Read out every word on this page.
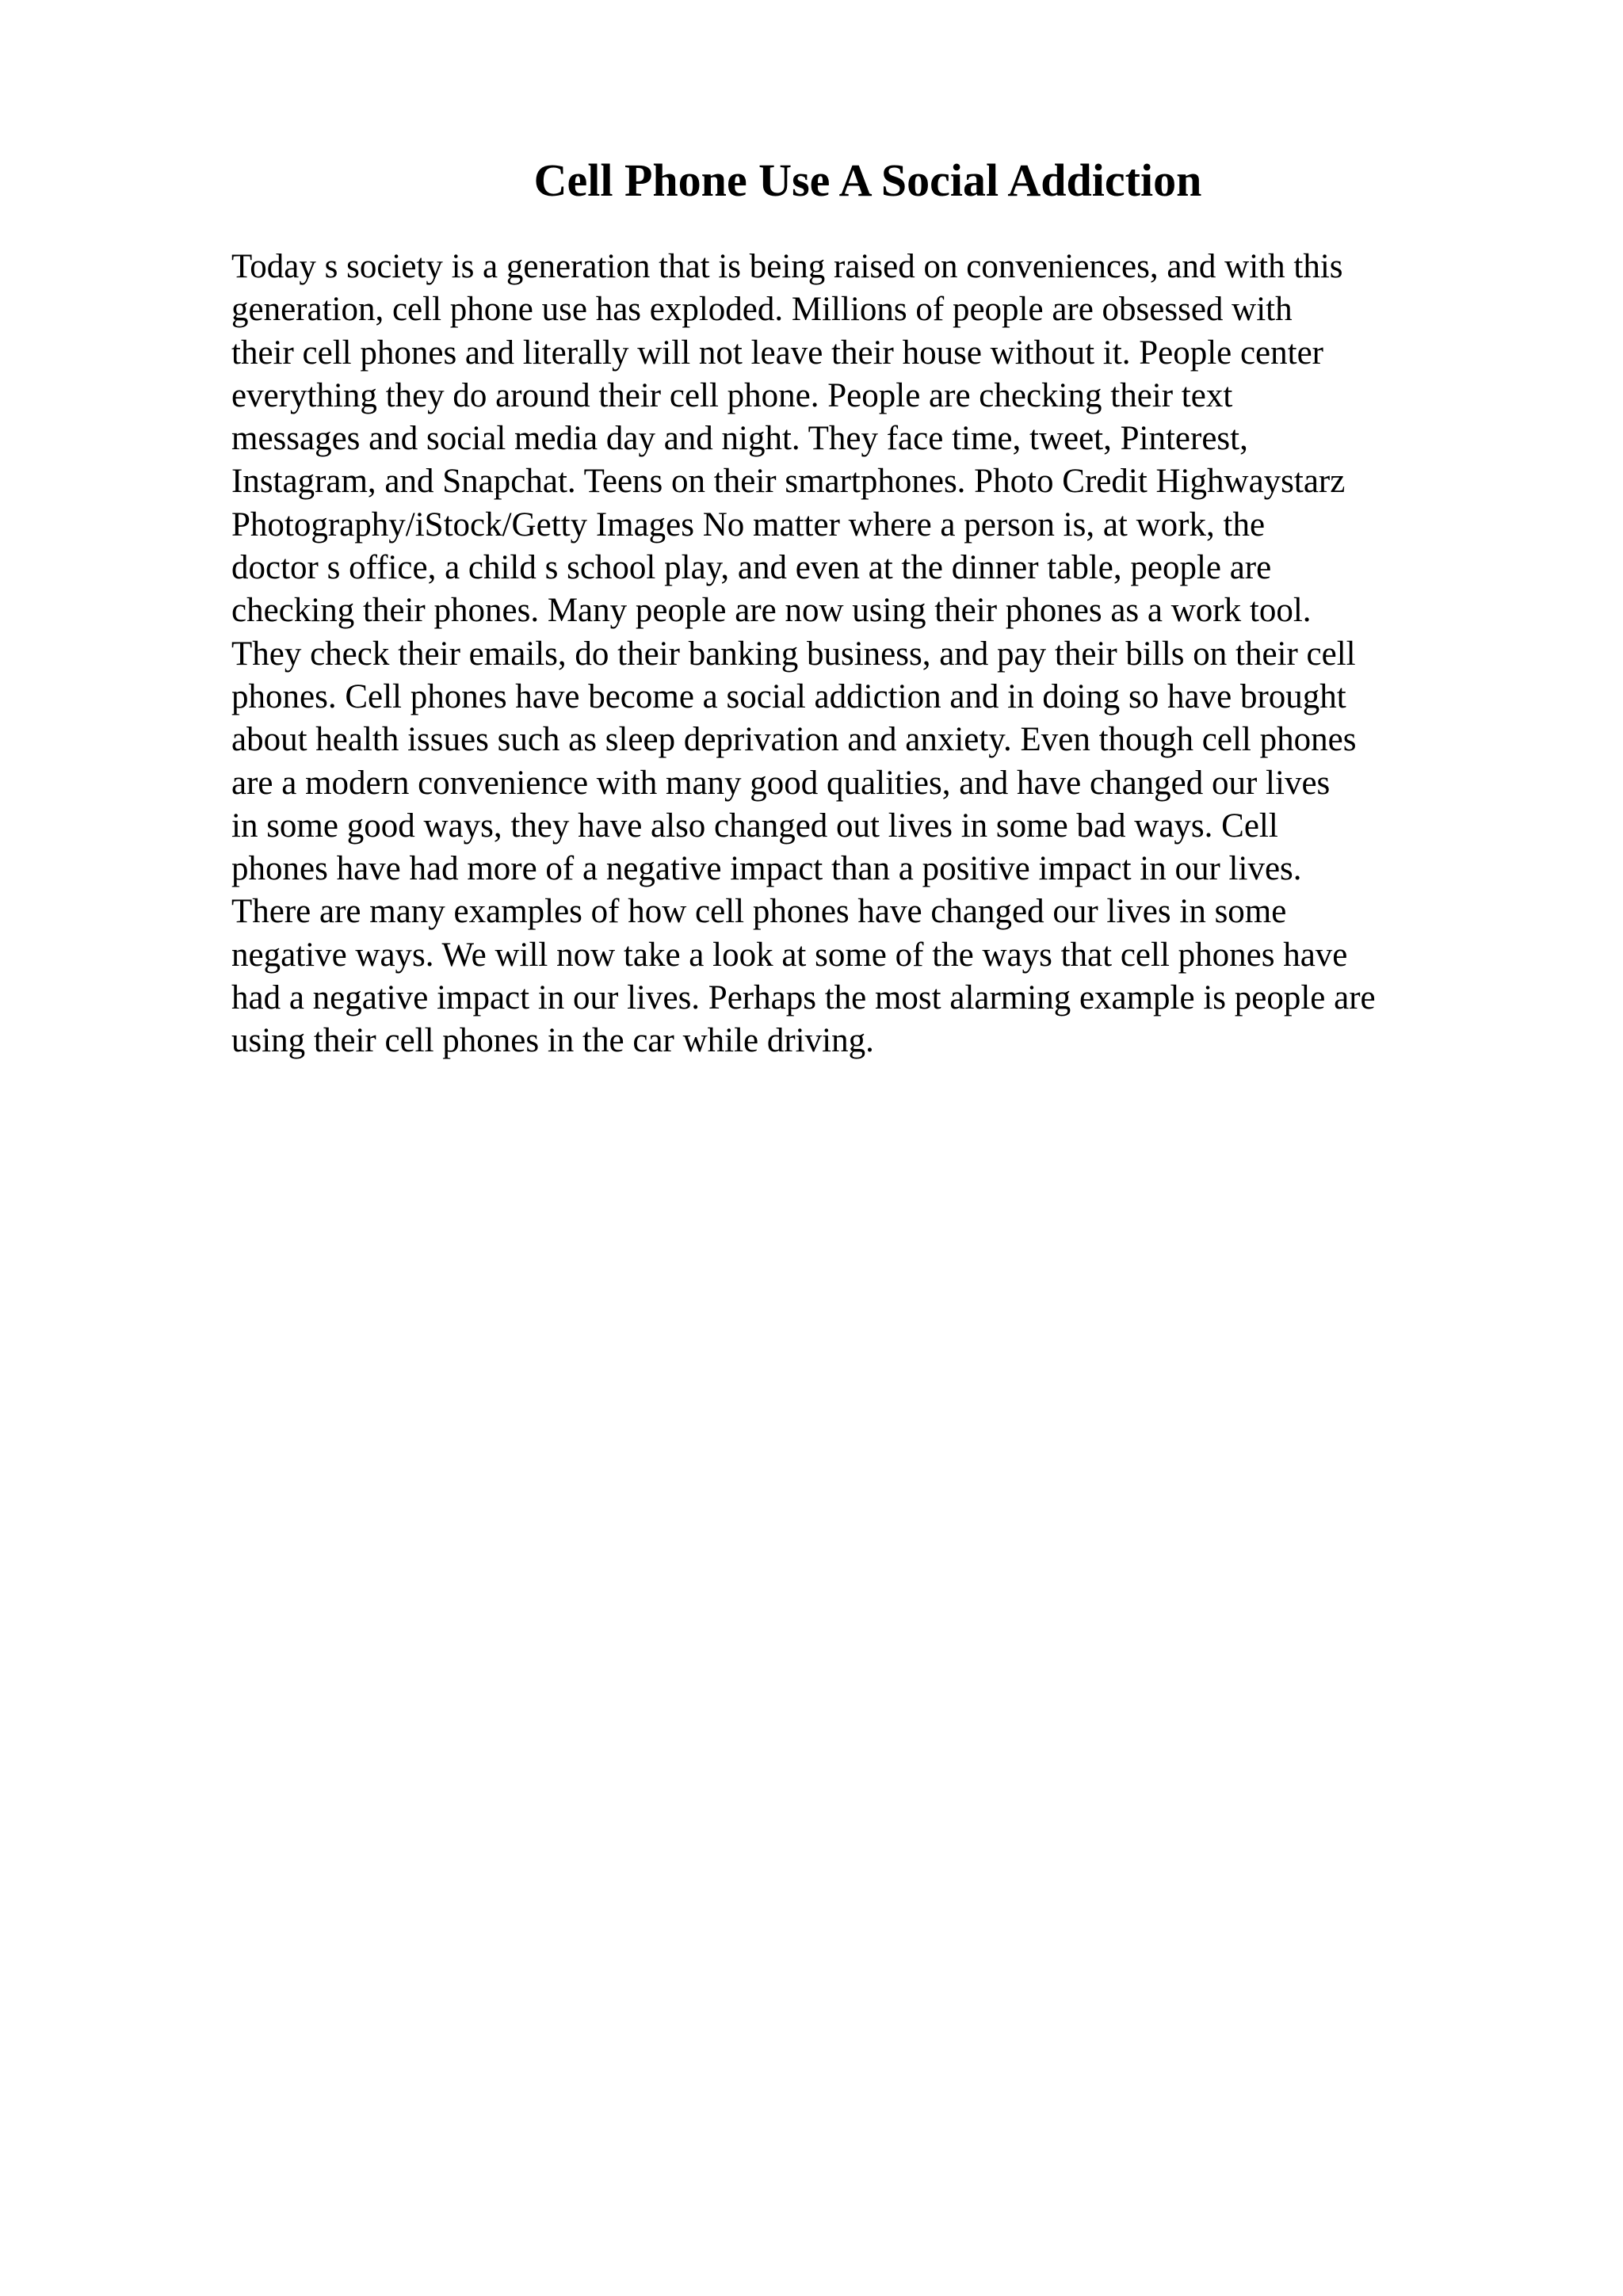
Cell Phone Use A Social Addiction
Today s society is a generation that is being raised on conveniences, and with this
generation, cell phone use has exploded. Millions of people are obsessed with
their cell phones and literally will not leave their house without it. People center
everything they do around their cell phone. People are checking their text
messages and social media day and night. They face time, tweet, Pinterest,
Instagram, and Snapchat. Teens on their smartphones. Photo Credit Highwaystarz
Photography/iStock/Getty Images No matter where a person is, at work, the
doctor s office, a child s school play, and even at the dinner table, people are
checking their phones. Many people are now using their phones as a work tool.
They check their emails, do their banking business, and pay their bills on their cell
phones. Cell phones have become a social addiction and in doing so have brought
about health issues such as sleep deprivation and anxiety. Even though cell phones
are a modern convenience with many good qualities, and have changed our lives
in some good ways, they have also changed out lives in some bad ways. Cell
phones have had more of a negative impact than a positive impact in our lives.
There are many examples of how cell phones have changed our lives in some
negative ways. We will now take a look at some of the ways that cell phones have
had a negative impact in our lives. Perhaps the most alarming example is people are
using their cell phones in the car while driving.
